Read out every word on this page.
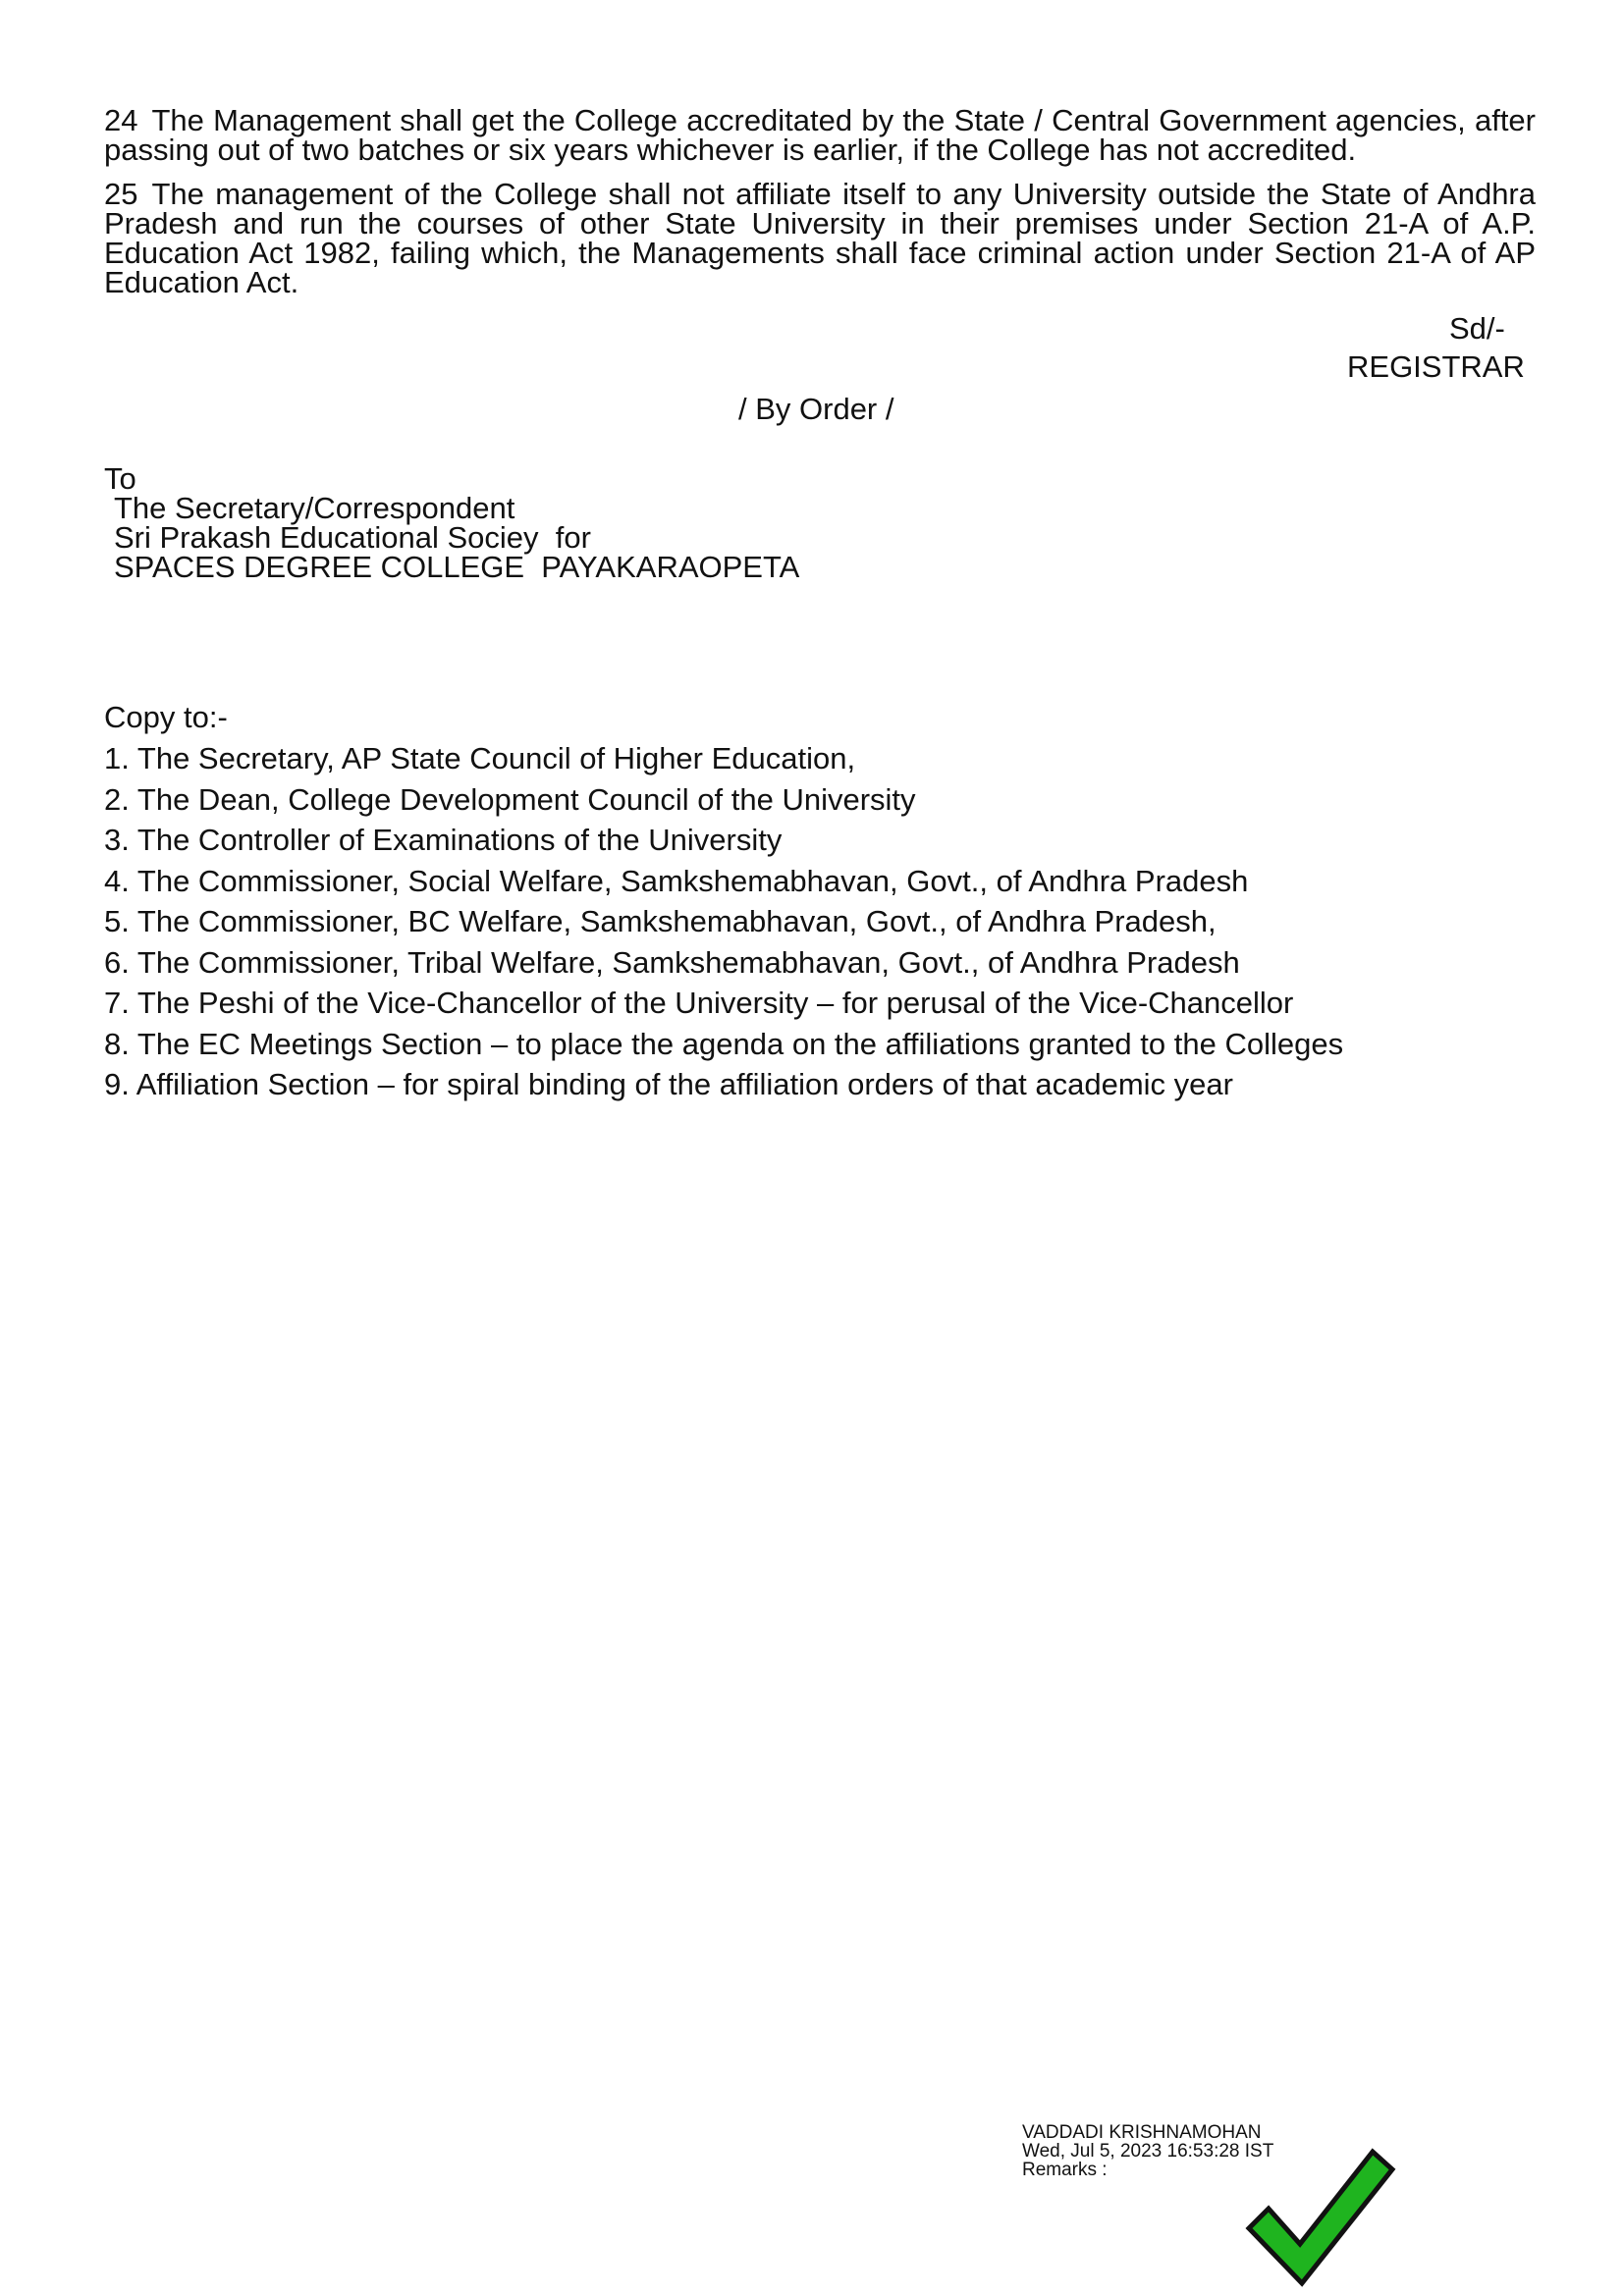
24 The Management shall get the College accreditated by the State / Central Government agencies, after passing out of two batches or six years whichever is earlier, if the College has not accredited.

25 The management of the College shall not affiliate itself to any University outside the State of Andhra Pradesh and run the courses of other State University in their premises under Section 21-A of A.P. Education Act 1982, failing which, the Managements shall face criminal action under Section 21-A of AP Education Act.

Sd/-

REGISTRAR

/ By Order /

To
The Secretary/Correspondent
Sri Prakash Educational Sociey  for
SPACES DEGREE COLLEGE  PAYAKARAOPETA
Copy to:-
1. The Secretary, AP State Council of Higher Education,
2. The Dean, College Development Council of the University
3. The Controller of Examinations of the University
4. The Commissioner, Social Welfare, Samkshemabhavan, Govt., of Andhra Pradesh
5. The Commissioner, BC Welfare, Samkshemabhavan, Govt., of Andhra Pradesh,
6. The Commissioner, Tribal Welfare, Samkshemabhavan, Govt., of Andhra Pradesh
7. The Peshi of the Vice-Chancellor of the University – for perusal of the Vice-Chancellor
8. The EC Meetings Section – to place the agenda on the affiliations granted to the Colleges
9. Affiliation Section – for spiral binding of the affiliation orders of that academic year
VADDADI KRISHNAMOHAN
Wed, Jul 5, 2023 16:53:28 IST
Remarks :
